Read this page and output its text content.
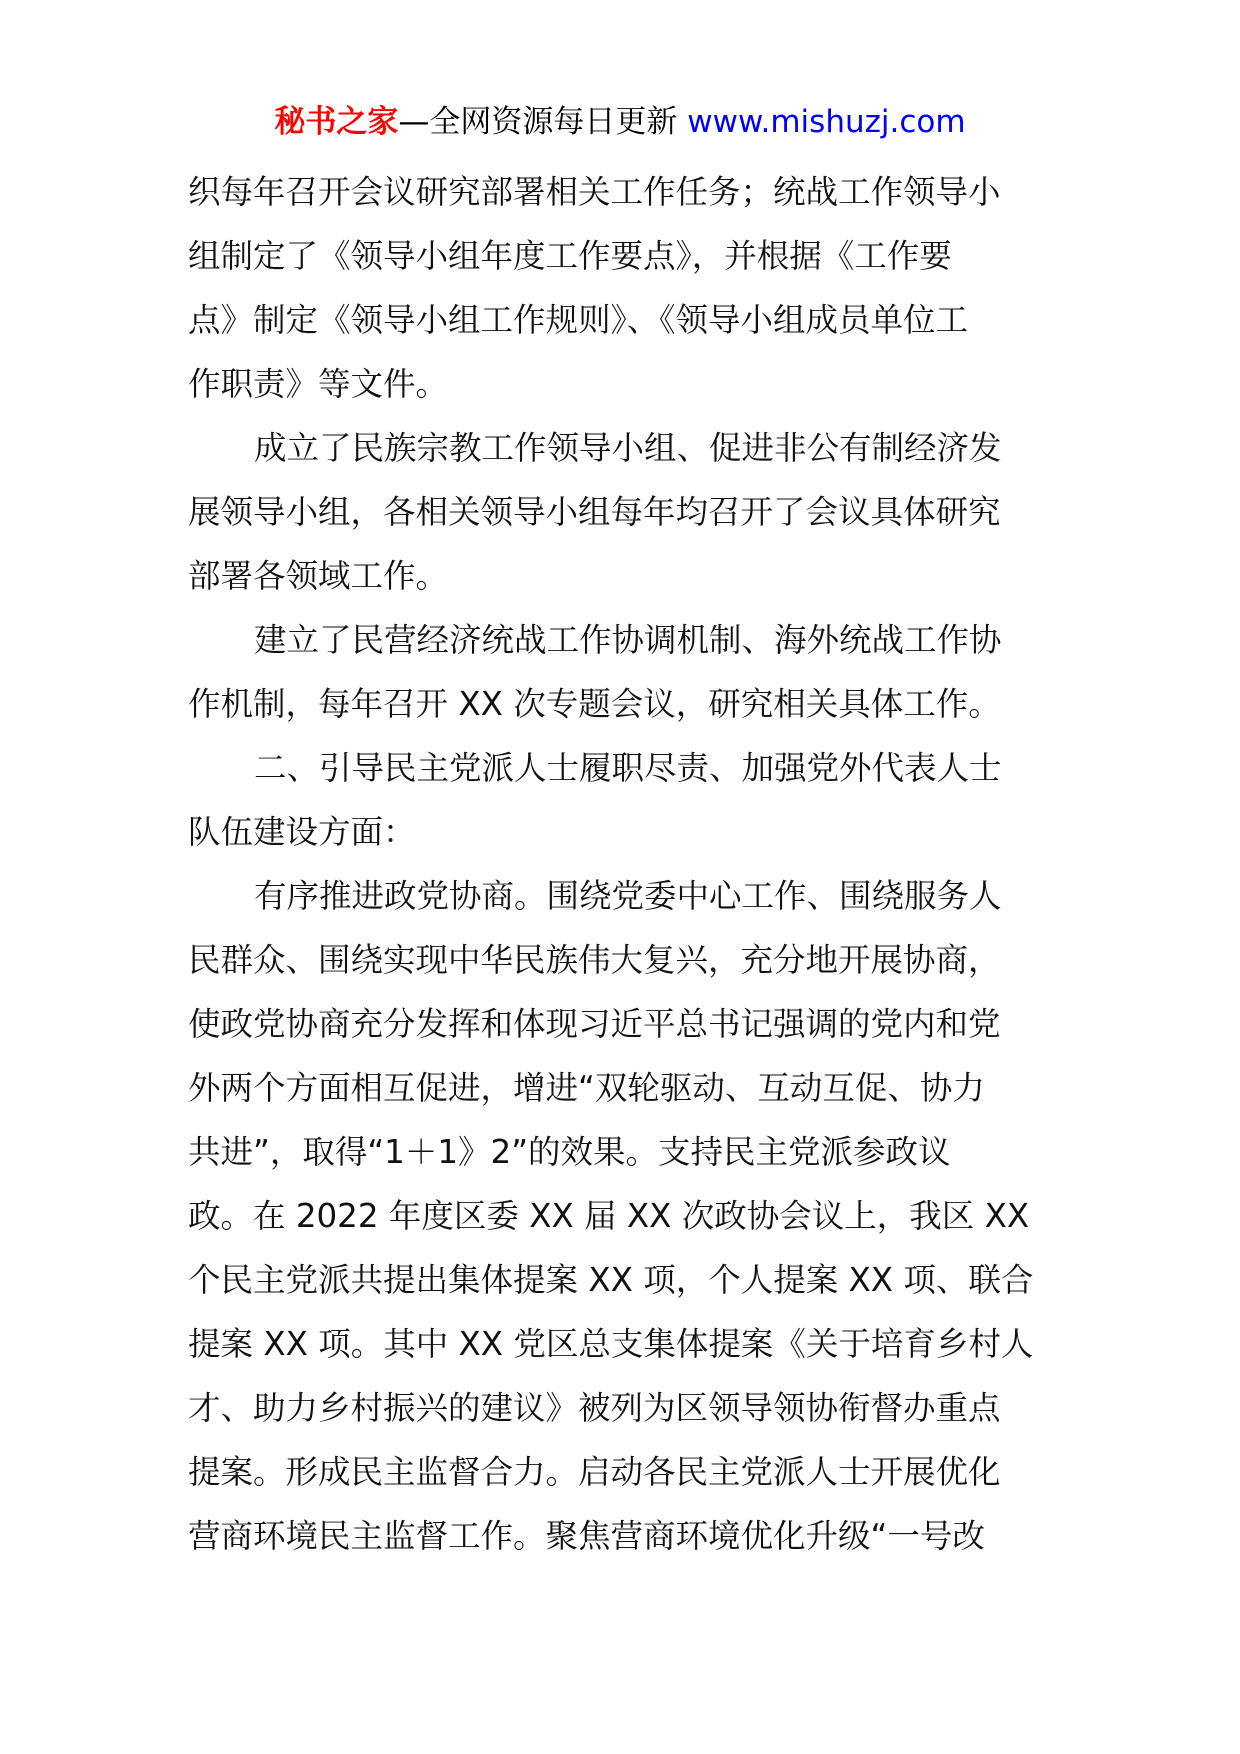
秘书之家—全网资源每日更新 www.mishuzj.com
织每年召开会议研究部署相关工作任务；统战工作领导小
组制定了《领导小组年度工作要点》，并根据《工作要
点》制定《领导小组工作规则》、《领导小组成员单位工
作职责》等文件。
成立了民族宗教工作领导小组、促进非公有制经济发
展领导小组，各相关领导小组每年均召开了会议具体研究
部署各领域工作。
建立了民营经济统战工作协调机制、海外统战工作协
作机制，每年召开 XX 次专题会议，研究相关具体工作。
二、引导民主党派人士履职尽责、加强党外代表人士
队伍建设方面：
有序推进政党协商。围绕党委中心工作、围绕服务人
民群众、围绕实现中华民族伟大复兴，充分地开展协商，
使政党协商充分发挥和体现习近平总书记强调的党内和党
外两个方面相互促进，增进“双轮驱动、互动互促、协力
共进”，取得“1＋1》2”的效果。支持民主党派参政议
政。在 2022 年度区委 XX 届 XX 次政协会议上，我区 XX
个民主党派共提出集体提案 XX 项，个人提案 XX 项、联合
提案 XX 项。其中 XX 党区总支集体提案《关于培育乡村人
才、助力乡村振兴的建议》被列为区领导领协衔督办重点
提案。形成民主监督合力。启动各民主党派人士开展优化
营商环境民主监督工作。聚焦营商环境优化升级“一号改
